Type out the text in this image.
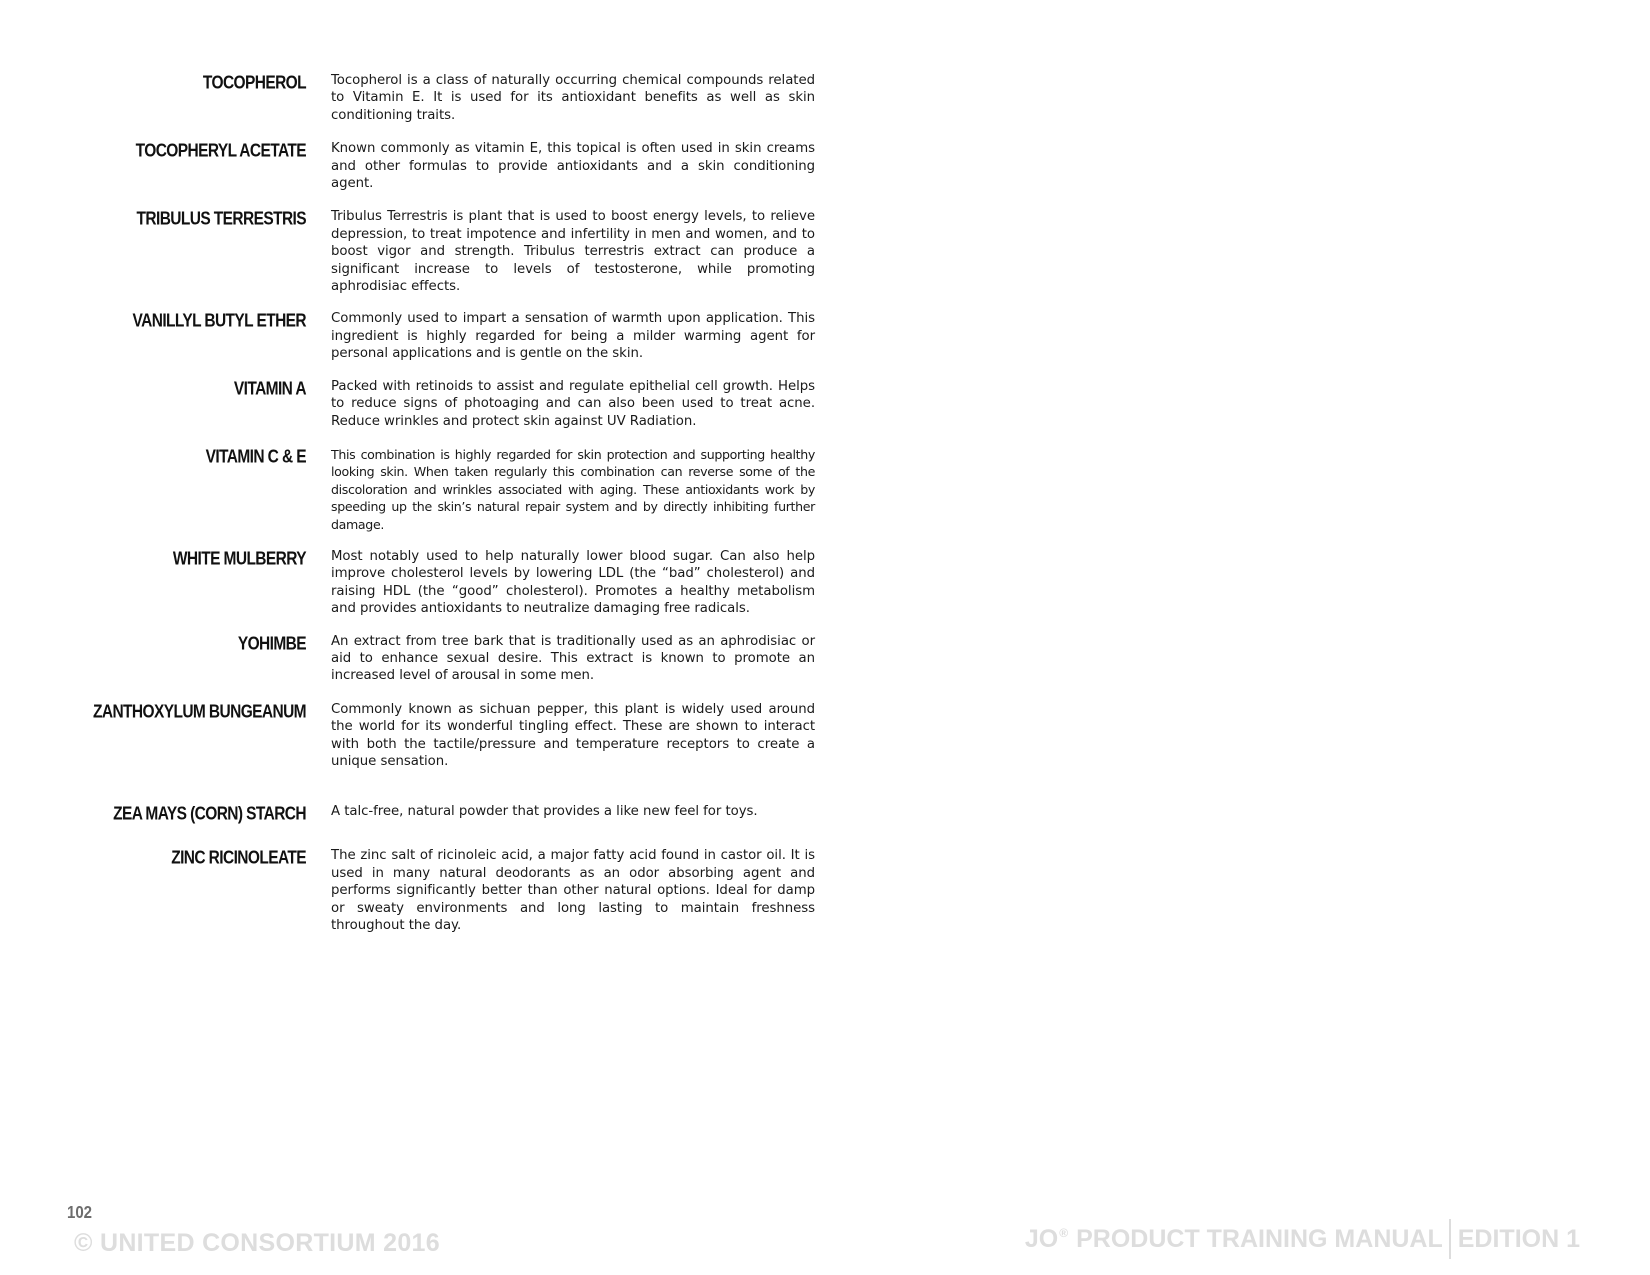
TOCOPHEROL Tocopherol is a class of naturally occurring chemical compounds related to Vitamin E. It is used for its antioxidant benefits as well as skin conditioning traits.
TOCOPHERYL ACETATE Known commonly as vitamin E, this topical is often used in skin creams and other formulas to provide antioxidants and a skin conditioning agent.
TRIBULUS TERRESTRIS Tribulus Terrestris is plant that is used to boost energy levels, to relieve depression, to treat impotence and infertility in men and women, and to boost vigor and strength. Tribulus terrestris extract can produce a significant increase to levels of testosterone, while promoting aphrodisiac effects.
VANILLYL BUTYL ETHER Commonly used to impart a sensation of warmth upon application. This ingredient is highly regarded for being a milder warming agent for personal applications and is gentle on the skin.
VITAMIN A Packed with retinoids to assist and regulate epithelial cell growth. Helps to reduce signs of photoaging and can also been used to treat acne. Reduce wrinkles and protect skin against UV Radiation.
VITAMIN C & E This combination is highly regarded for skin protection and supporting healthy looking skin. When taken regularly this combination can reverse some of the discoloration and wrinkles associated with aging. These antioxidants work by speeding up the skin’s natural repair system and by directly inhibiting further damage.
WHITE MULBERRY Most notably used to help naturally lower blood sugar. Can also help improve cholesterol levels by lowering LDL (the “bad” cholesterol) and raising HDL (the “good” cholesterol). Promotes a healthy metabolism and provides antioxidants to neutralize damaging free radicals.
YOHIMBE An extract from tree bark that is traditionally used as an aphrodisiac or aid to enhance sexual desire. This extract is known to promote an increased level of arousal in some men.
ZANTHOXYLUM BUNGEANUM Commonly known as sichuan pepper, this plant is widely used around the world for its wonderful tingling effect. These are shown to interact with both the tactile/pressure and temperature receptors to create a unique sensation.
ZEA MAYS (CORN) STARCH A talc-free, natural powder that provides a like new feel for toys.
ZINC RICINOLEATE The zinc salt of ricinoleic acid, a major fatty acid found in castor oil. It is used in many natural deodorants as an odor absorbing agent and performs significantly better than other natural options. Ideal for damp or sweaty environments and long lasting to maintain freshness throughout the day.
102
© UNITED CONSORTIUM 2016	JO ® PRODUCT TRAINING MANUAL EDITION 1
